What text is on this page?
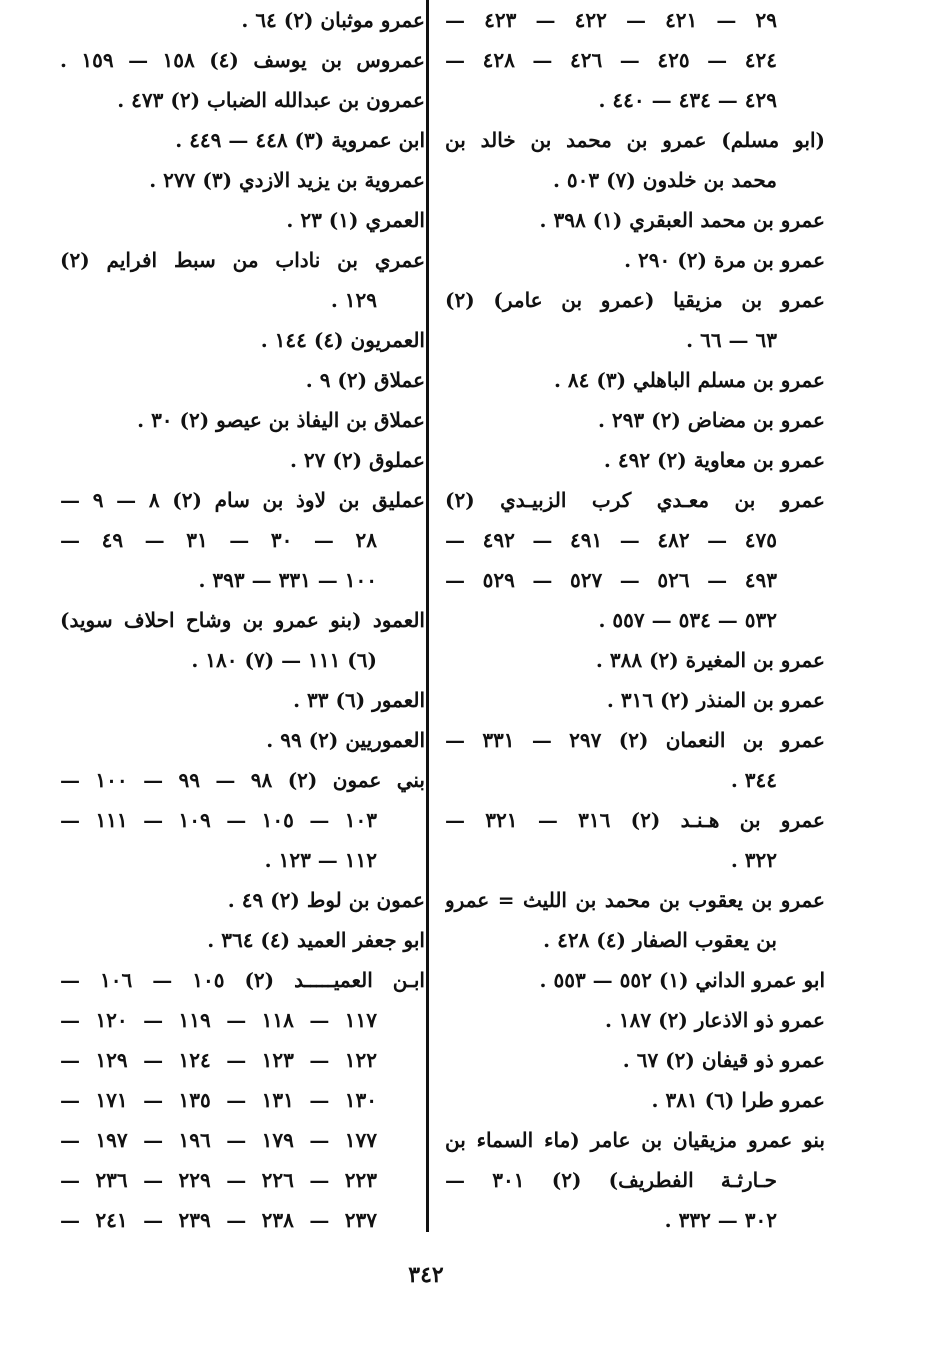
٢٩ — ٤٢١ — ٤٢٢ — ٤٢٣ —
٤٢٤ — ٤٢٥ — ٤٢٦ — ٤٢٨ —
٤٢٩ — ٤٣٤ — ٤٤٠ .
(ابو مسلم) عمرو بن محمد بن خالد بن
محمد بن خلدون (٧) ٥٠٣ .
عمرو بن محمد العبقري (١) ٣٩٨ .
عمرو بن مرة (٢) ٢٩٠ .
عمرو بن مزيقيا (عمرو بن عامر) (٢)
٦٣ — ٦٦ .
عمرو بن مسلم الباهلي (٣) ٨٤ .
عمرو بن مضاض (٢) ٢٩٣ .
عمرو بن معاوية (٢) ٤٩٢ .
عمرو بن معـدي كرب الزبيـدي (٢)
٤٧٥ — ٤٨٢ — ٤٩١ — ٤٩٢ —
٤٩٣ — ٥٢٦ — ٥٢٧ — ٥٢٩ —
٥٣٢ — ٥٣٤ — ٥٥٧ .
عمرو بن المغيرة (٢) ٣٨٨ .
عمرو بن المنذر (٢) ٣١٦ .
عمرو بن النعمان (٢) ٢٩٧ — ٣٣١ —
٣٤٤ .
عمرو بن هـنـد (٢) ٣١٦ — ٣٢١ —
٣٢٢ .
عمرو بن يعقوب بن محمد بن الليث = عمرو
بن يعقوب الصفار (٤) ٤٢٨ .
ابو عمرو الداني (١) ٥٥٢ — ٥٥٣ .
عمرو ذو الاذعار (٢) ١٨٧ .
عمرو ذو قيفان (٢) ٦٧ .
عمرو طرا (٦) ٣٨١ .
بنو عمرو مزيقيان بن عامر (ماء السماء بن
حـارثـة الفطريف) (٢) ٣٠١ —
٣٠٢ — ٣٣٢ .
عمرو موثبان (٢) ٦٤ .
عمروس بن يوسف (٤) ١٥٨ — ١٥٩ .
عمرون بن عبدالله الضباب (٢) ٤٧٣ .
ابن عمروية (٣) ٤٤٨ — ٤٤٩ .
عمروية بن يزيد الازدي (٣) ٢٧٧ .
العمري (١) ٢٣ .
عمري بن ناداب من سبط افرايم (٢)
١٢٩ .
العمريون (٤) ١٤٤ .
عملاق (٢) ٩ .
عملاق بن اليفاذ بن عيصو (٢) ٣٠ .
عملوق (٢) ٢٧ .
عمليق بن لاوذ بن سام (٢) ٨ — ٩ —
٢٨ — ٣٠ — ٣١ — ٤٩ —
١٠٠ — ٣٣١ — ٣٩٣ .
العمود (بنو عمرو بن وشاح احلاف سويد)
(٦) ١١١ — (٧) ١٨٠ .
العمور (٦) ٣٣ .
العموريين (٢) ٩٩ .
بني عمون (٢) ٩٨ — ٩٩ — ١٠٠ —
١٠٣ — ١٠٥ — ١٠٩ — ١١١ —
١١٢ — ١٢٣ .
عمون بن لوط (٢) ٤٩ .
ابو جعفر العميد (٤) ٣٦٤ .
ابـن العميـــــد (٢) ١٠٥ — ١٠٦ —
١١٧ — ١١٨ — ١١٩ — ١٢٠ —
١٢٢ — ١٢٣ — ١٢٤ — ١٢٩ —
١٣٠ — ١٣١ — ١٣٥ — ١٧١ —
١٧٧ — ١٧٩ — ١٩٦ — ١٩٧ —
٢٢٣ — ٢٢٦ — ٢٢٩ — ٢٣٦ —
٢٣٧ — ٢٣٨ — ٢٣٩ — ٢٤١ —
٣٤٢
